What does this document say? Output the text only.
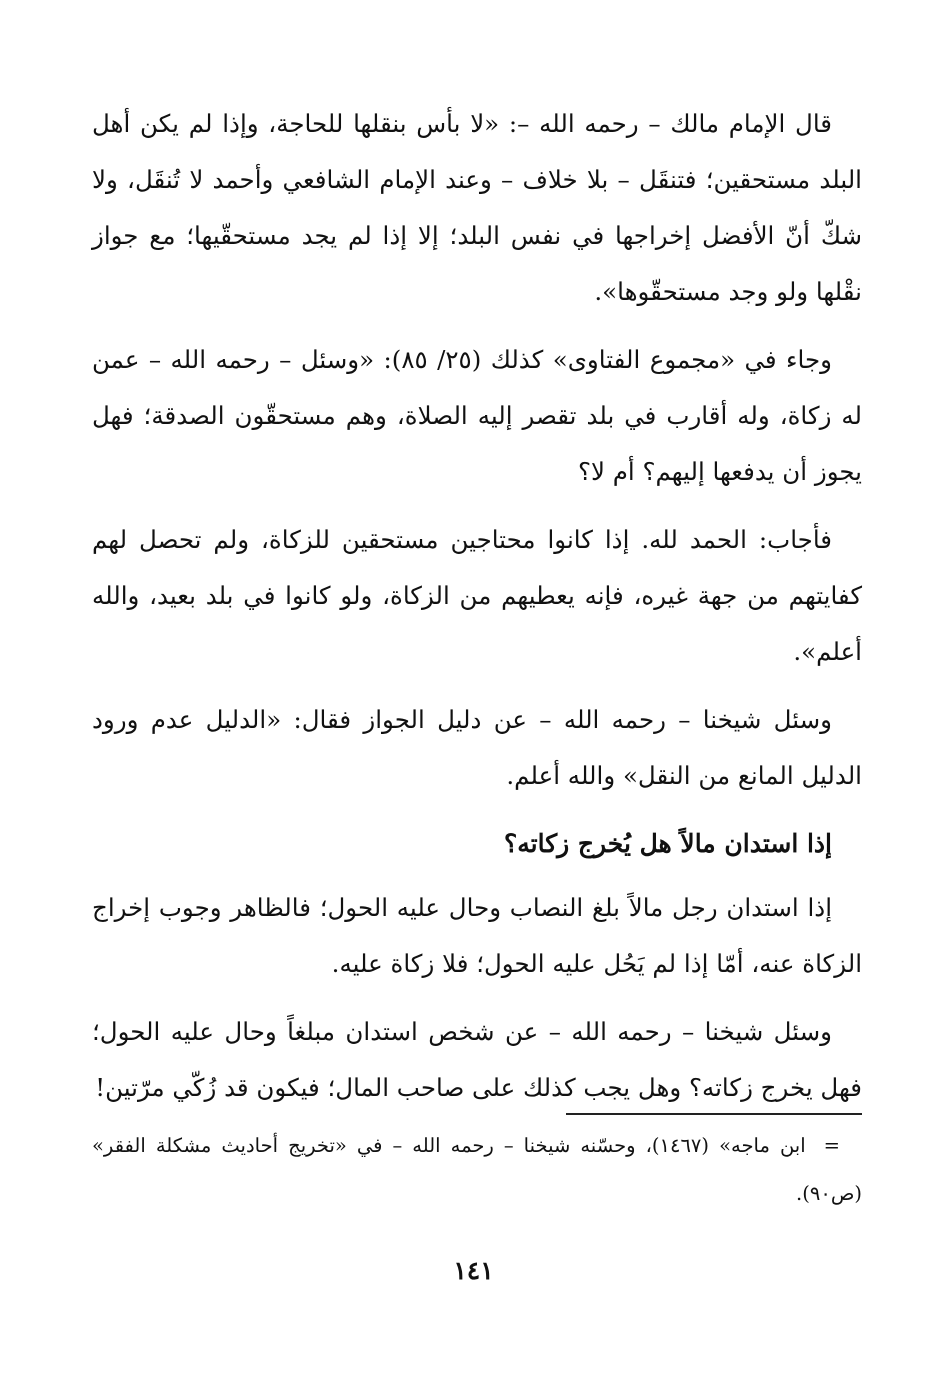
قال الإمام مالك – رحمه الله –: «لا بأس بنقلها للحاجة، وإذا لم يكن أهل البلد مستحقين؛ فتنقَل – بلا خلاف – وعند الإمام الشافعي وأحمد لا تُنقَل، ولا شكّ أنّ الأفضل إخراجها في نفس البلد؛ إلا إذا لم يجد مستحقّيها؛ مع جواز نقْلها ولو وجد مستحقّوها».

وجاء في «مجموع الفتاوى» كذلك (٢٥/ ٨٥): «وسئل – رحمه الله – عمن له زكاة، وله أقارب في بلد تقصر إليه الصلاة، وهم مستحقّون الصدقة؛ فهل يجوز أن يدفعها إليهم؟ أم لا؟

فأجاب: الحمد لله. إذا كانوا محتاجين مستحقين للزكاة، ولم تحصل لهم كفايتهم من جهة غيره، فإنه يعطيهم من الزكاة، ولو كانوا في بلد بعيد، والله أعلم».

وسئل شيخنا – رحمه الله – عن دليل الجواز فقال: «الدليل عدم ورود الدليل المانع من النقل» والله أعلم.

إذا استدان مالاً هل يُخرج زكاته؟

إذا استدان رجل مالاً بلغ النصاب وحال عليه الحول؛ فالظاهر وجوب إخراج الزكاة عنه، أمّا إذا لم يَحُل عليه الحول؛ فلا زكاة عليه.

وسئل شيخنا – رحمه الله – عن شخص استدان مبلغاً وحال عليه الحول؛ فهل يخرج زكاته؟ وهل يجب كذلك على صاحب المال؛ فيكون قد زُكّي مرّتين!

=ابن ماجه» (١٤٦٧)، وحسّنه شيخنا – رحمه الله – في «تخريج أحاديث مشكلة الفقر» (ص٩٠).
١٤١
